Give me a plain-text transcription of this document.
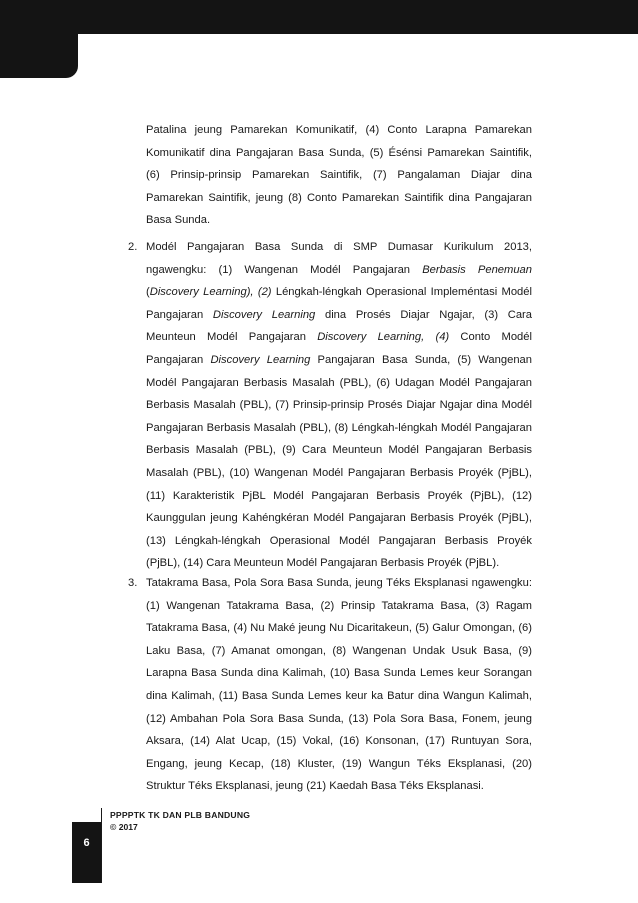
Patalina jeung Pamarekan Komunikatif, (4) Conto Larapna Pamarekan Komunikatif dina Pangajaran Basa Sunda, (5) Ésénsi Pamarekan Saintifik, (6) Prinsip-prinsip Pamarekan Saintifik, (7) Pangalaman Diajar dina Pamarekan Saintifik, jeung (8) Conto Pamarekan Saintifik dina Pangajaran Basa Sunda.
2. Modél Pangajaran Basa Sunda di SMP Dumasar Kurikulum 2013, ngawengku: (1) Wangenan Modél Pangajaran Berbasis Penemuan (Discovery Learning), (2) Léngkah-léngkah Operasional Impleméntasi Modél Pangajaran Discovery Learning dina Prosés Diajar Ngajar, (3) Cara Meunteun Modél Pangajaran Discovery Learning, (4) Conto Modél Pangajaran Discovery Learning Pangajaran Basa Sunda, (5) Wangenan Modél Pangajaran Berbasis Masalah (PBL), (6) Udagan Modél Pangajaran Berbasis Masalah (PBL), (7) Prinsip-prinsip Prosés Diajar Ngajar dina Modél Pangajaran Berbasis Masalah (PBL), (8) Léngkah-léngkah Modél Pangajaran Berbasis Masalah (PBL), (9) Cara Meunteun Modél Pangajaran Berbasis Masalah (PBL), (10) Wangenan Modél Pangajaran Berbasis Proyék (PjBL), (11) Karakteristik PjBL Modél Pangajaran Berbasis Proyék (PjBL), (12) Kaunggulan jeung Kahéngkéran Modél Pangajaran Berbasis Proyék (PjBL), (13) Léngkah-léngkah Operasional Modél Pangajaran Berbasis Proyék (PjBL), (14) Cara Meunteun Modél Pangajaran Berbasis Proyék (PjBL).
3. Tatakrama Basa, Pola Sora Basa Sunda, jeung Téks Eksplanasi ngawengku: (1) Wangenan Tatakrama Basa, (2) Prinsip Tatakrama Basa, (3) Ragam Tatakrama Basa, (4) Nu Maké jeung Nu Dicaritakeun, (5) Galur Omongan, (6) Laku Basa, (7) Amanat omongan, (8) Wangenan Undak Usuk Basa, (9) Larapna Basa Sunda dina Kalimah, (10) Basa Sunda Lemes keur Sorangan dina Kalimah, (11) Basa Sunda Lemes keur ka Batur dina Wangun Kalimah, (12) Ambahan Pola Sora Basa Sunda, (13) Pola Sora Basa, Fonem, jeung Aksara, (14) Alat Ucap, (15) Vokal, (16) Konsonan, (17) Runtuyan Sora, Engang, jeung Kecap, (18) Kluster, (19) Wangun Téks Eksplanasi, (20) Struktur Téks Eksplanasi, jeung (21) Kaedah Basa Téks Eksplanasi.
PPPPTK TK DAN PLB BANDUNG
© 2017
6
